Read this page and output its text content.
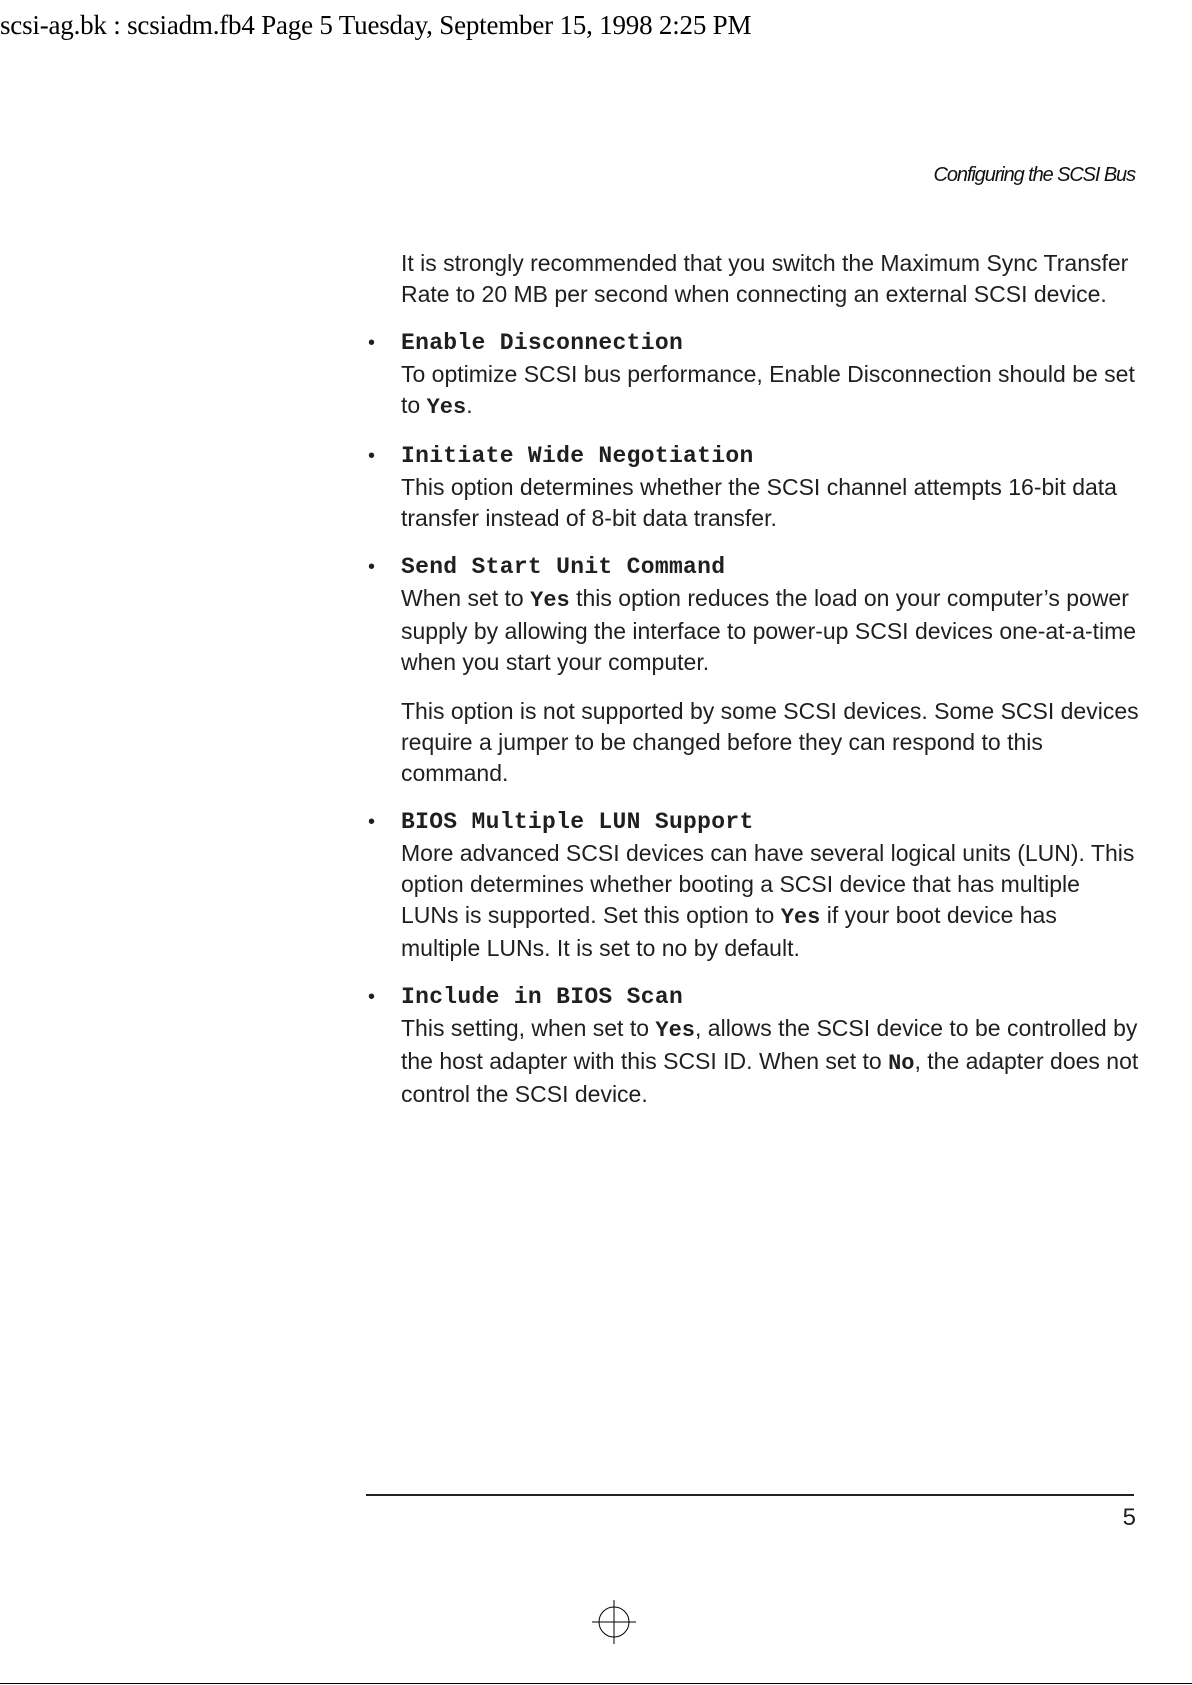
scsi-ag.bk : scsiadm.fb4 Page 5 Tuesday, September 15, 1998 2:25 PM
Configuring the SCSI Bus

It is strongly recommended that you switch the Maximum Sync Transfer Rate to 20 MB per second when connecting an external SCSI device.

• Enable Disconnection

To optimize SCSI bus performance, Enable Disconnection should be set to Yes.

• Initiate Wide Negotiation

This option determines whether the SCSI channel attempts 16-bit data transfer instead of 8-bit data transfer.

• Send Start Unit Command

When set to Yes this option reduces the load on your computer’s power supply by allowing the interface to power-up SCSI devices one-at-a-time when you start your computer.

This option is not supported by some SCSI devices. Some SCSI devices require a jumper to be changed before they can respond to this command.

• BIOS Multiple LUN Support

More advanced SCSI devices can have several logical units (LUN). This option determines whether booting a SCSI device that has multiple LUNs is supported. Set this option to Yes if your boot device has multiple LUNs. It is set to no by default.

• Include in BIOS Scan

This setting, when set to Yes, allows the SCSI device to be controlled by the host adapter with this SCSI ID. When set to No, the adapter does not control the SCSI device.

5
